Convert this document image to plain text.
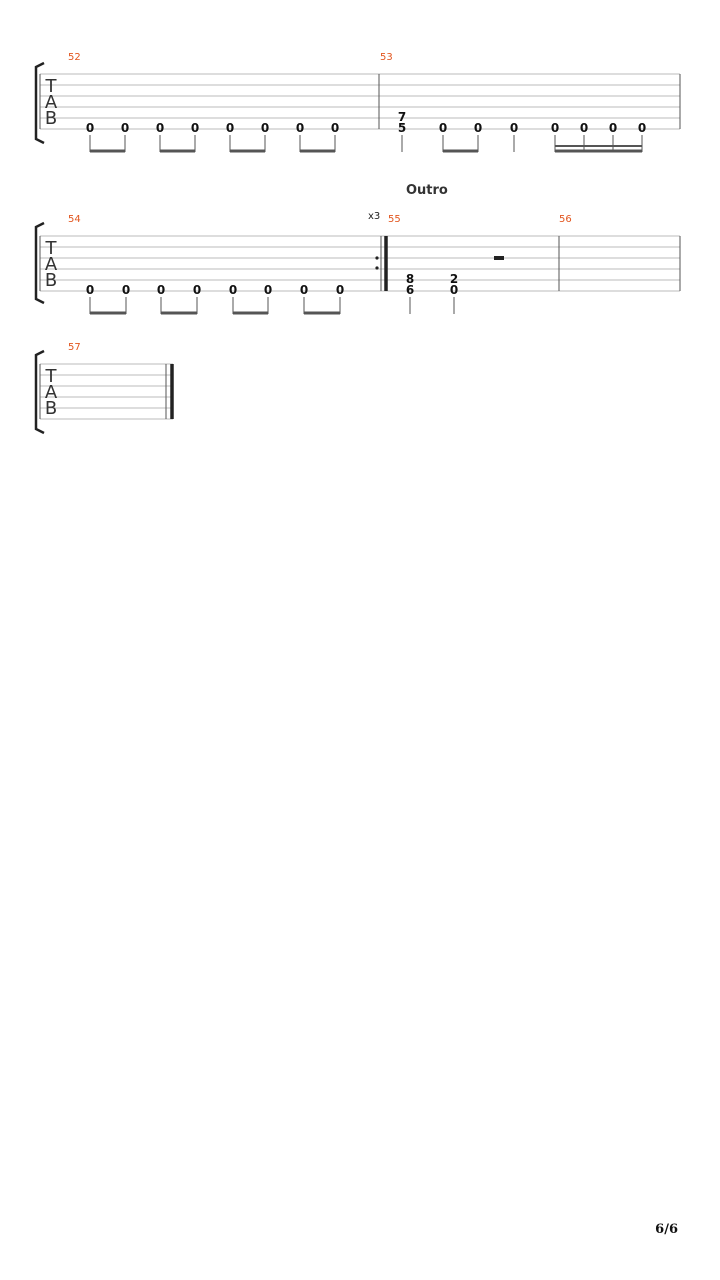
52	53
T
A
B 0 0 0 0 0 0 0 0
7
5	0 0 0	0 0 0 0
Outro
x3
54	55	56
T
A
B 0 0 0 0 0 0 0 0
8
6
2
0
57
T
A
B
6/6
